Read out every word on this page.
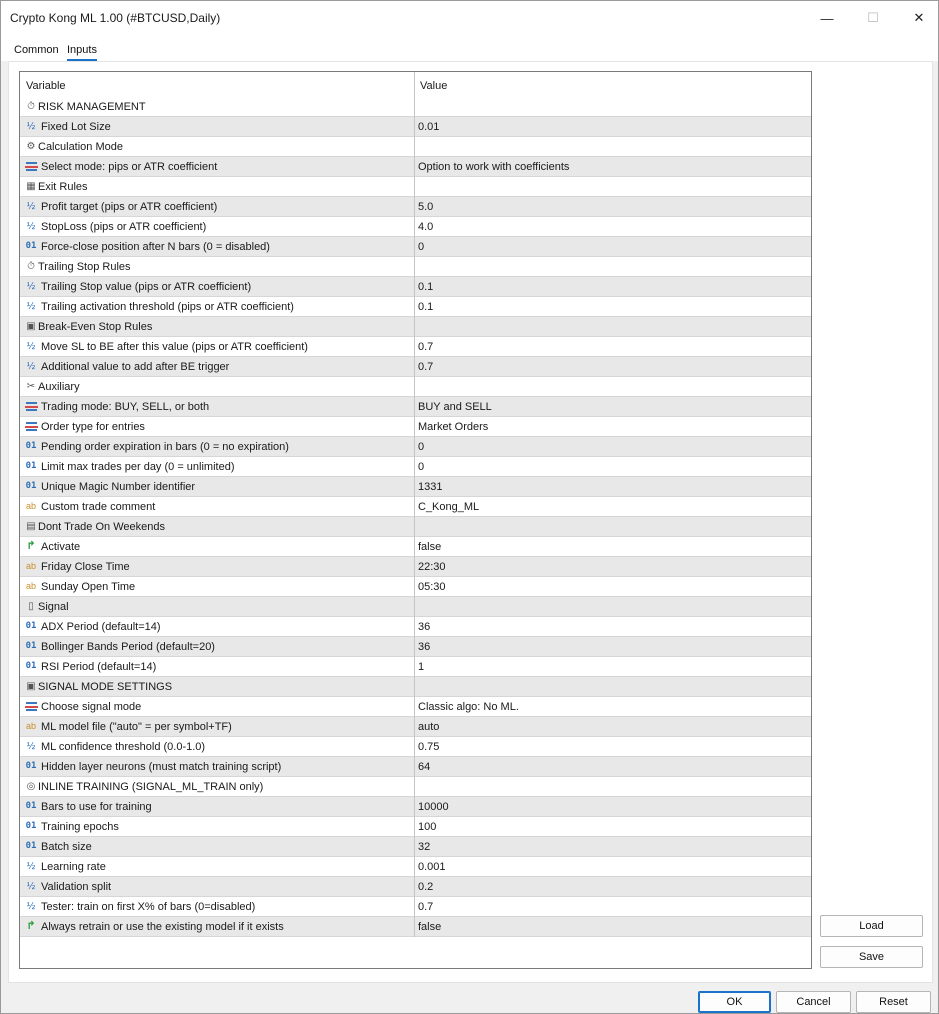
Crypto Kong ML 1.00 (#BTCUSD,Daily)	—	☐	✕
Common Inputs
Variable	Value
⏱ RISK MANAGEMENT
½ Fixed Lot Size	0.01
⚙ Calculation Mode
Select mode: pips or ATR coefficient	Option to work with coefficients
▦ Exit Rules
½ Profit target (pips or ATR coefficient)	5.0
½ StopLoss (pips or ATR coefficient)	4.0
01 Force-close position after N bars (0 = disabled)	0
⏱ Trailing Stop Rules
½ Trailing Stop value (pips or ATR coefficient)	0.1
½ Trailing activation threshold (pips or ATR coefficient)	0.1
▣ Break-Even Stop Rules
½ Move SL to BE after this value (pips or ATR coefficient)	0.7
½ Additional value to add after BE trigger	0.7
✂ Auxiliary
Trading mode: BUY, SELL, or both	BUY and SELL
Order type for entries	Market Orders
01 Pending order expiration in bars (0 = no expiration)	0
01 Limit max trades per day (0 = unlimited)	0
01 Unique Magic Number identifier	1331
ab Custom trade comment	C_Kong_ML
▤ Dont Trade On Weekends
↱ Activate	false
ab Friday Close Time	22:30
ab Sunday Open Time	05:30
▯ Signal
01 ADX Period (default=14)	36
01 Bollinger Bands Period (default=20)	36
01 RSI Period (default=14)	1
▣ SIGNAL MODE SETTINGS
Choose signal mode	Classic algo: No ML.
ab ML model file ("auto" = per symbol+TF)	auto
½ ML confidence threshold (0.0-1.0)	0.75
01 Hidden layer neurons (must match training script)	64
◎ INLINE TRAINING (SIGNAL_ML_TRAIN only)
01 Bars to use for training	10000
01 Training epochs	100
01 Batch size	32
½ Learning rate	0.001
½ Validation split	0.2
½ Tester: train on first X% of bars (0=disabled)	0.7
↱ Always retrain or use the existing model if it exists	false	Load
Save
OK	Cancel	Reset
